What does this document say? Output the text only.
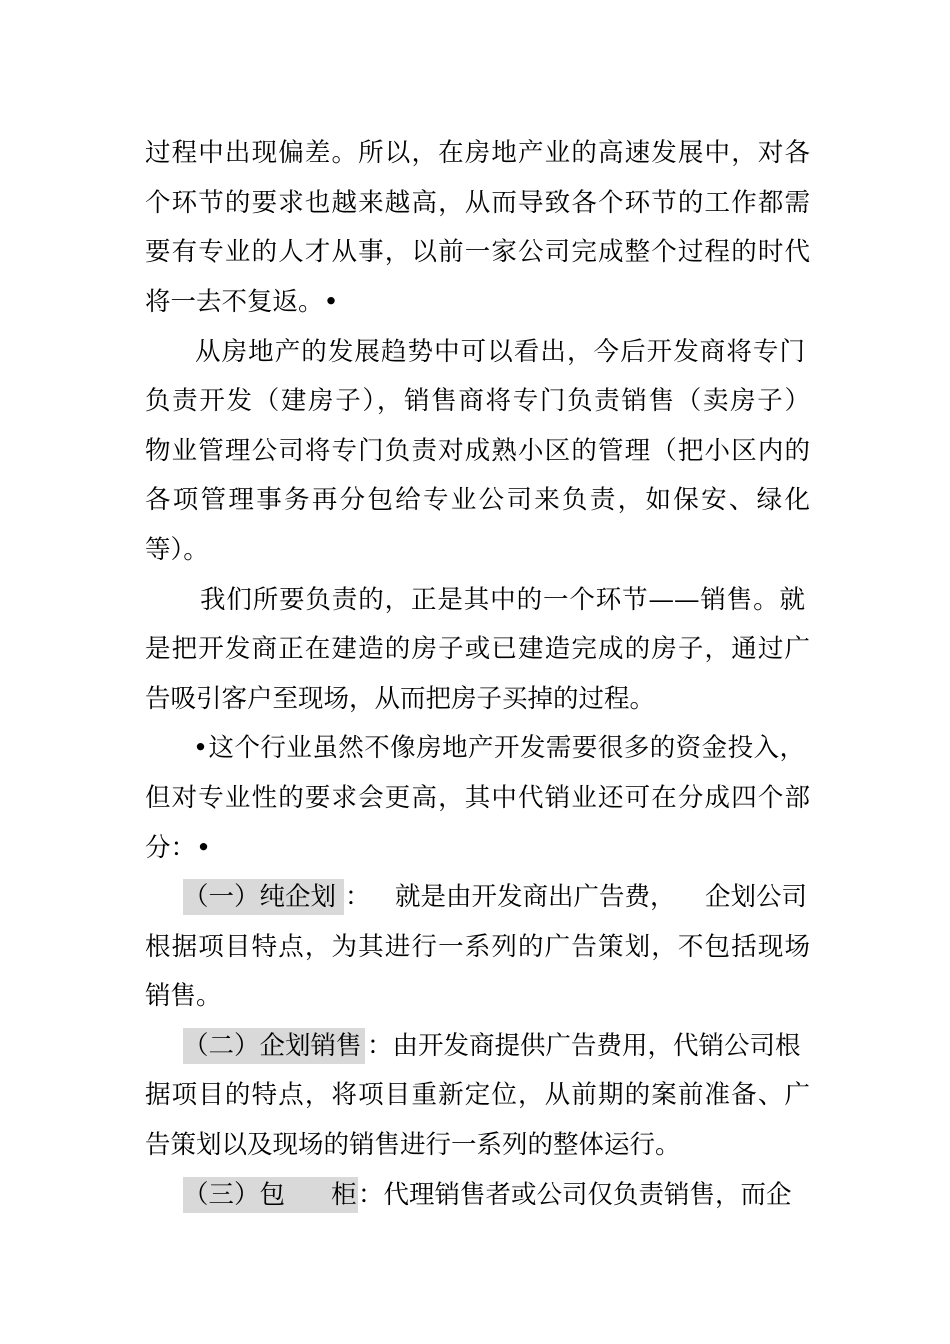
过程中出现偏差。所以，在房地产业的高速发展中，对各
个环节的要求也越来越高，从而导致各个环节的工作都需
要有专业的人才从事，以前一家公司完成整个过程的时代
将一去不复返。•
从房地产的发展趋势中可以看出，今后开发商将专门
负责开发（建房子），销售商将专门负责销售（卖房子）
物业管理公司将专门负责对成熟小区的管理（把小区内的
各项管理事务再分包给专业公司来负责，如保安、绿化
等）。
我们所要负责的，正是其中的一个环节——销售。就
是把开发商正在建造的房子或已建造完成的房子，通过广
告吸引客户至现场，从而把房子买掉的过程。
•这个行业虽然不像房地产开发需要很多的资金投入，
但对专业性的要求会更高，其中代销业还可在分成四个部
分：•
（一）纯企划 ： 就是由开发商出广告费， 企划公司
根据项目特点，为其进行一系列的广告策划，不包括现场
销售。
（二）企划销售 ：由开发商提供广告费用，代销公司根
据项目的特点，将项目重新定位，从前期的案前准备、广
告策划以及现场的销售进行一系列的整体运行。
（三）包 柜 ：代理销售者或公司仅负责销售，而企
